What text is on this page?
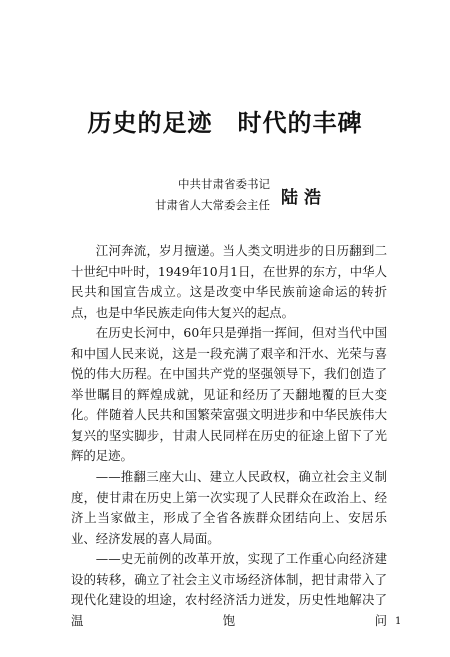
历史的足迹　时代的丰碑
中共甘肃省委书记
甘肃省人大常委会主任 陆浩

江河奔流，岁月擅递。当人类文明进步的日历翻到二十世纪中叶时，1949年10月1日，在世界的东方，中华人民共和国宣告成立。这是改变中华民族前途命运的转折点，也是中华民族走向伟大复兴的起点。

在历史长河中，60年只是弹指一挥间，但对当代中国和中国人民来说，这是一段充满了艰辛和汗水、光荣与喜悦的伟大历程。在中国共产党的坚强领导下，我们创造了举世瞩目的辉煌成就，见证和经历了天翻地覆的巨大变化。伴随着人民共和国繁荣富强文明进步和中华民族伟大复兴的坚实脚步，甘肃人民同样在历史的征途上留下了光辉的足迹。

——推翻三座大山、建立人民政权，确立社会主义制度，使甘肃在历史上第一次实现了人民群众在政治上、经济上当家做主，形成了全省各族群众团结向上、安居乐业、经济发展的喜人局面。

——史无前例的改革开放，实现了工作重心向经济建设的转移，确立了社会主义市场经济体制，把甘肃带入了现代化建设的坦途，农村经济活力迸发，历史性地解决了温饱问 1
